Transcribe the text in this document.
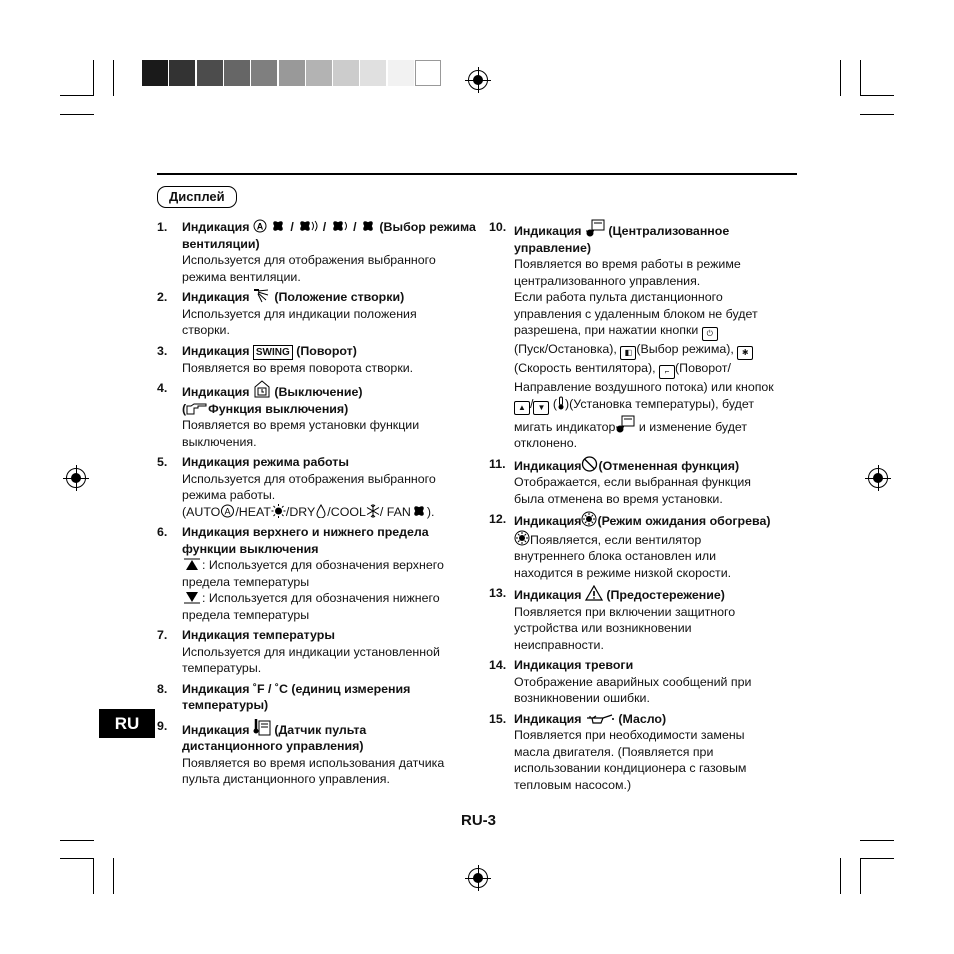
Дисплей
1. Индикация A / / / (Выбор режима вентиляции)
Используется для отображения выбранного
режима вентиляции.
2. Индикация (Положение створки)
Используется для индикации положения
створки.
3. Индикация SWING (Поворот)
Появляется во время поворота створки.
4. Индикация (Выключение)
( Функция выключения)
Появляется во время установки функции
выключения.
5. Индикация режима работы
Используется для отображения выбранного
режима работы.
(AUTO A /HEAT /DRY /COOL / FAN ).
6. Индикация верхнего и нижнего предела
функции выключения
: Используется для обозначения верхнего
предела температуры
: Используется для обозначения нижнего
предела температуры
7. Индикация температуры
Используется для индикации установленной
температуры.
8. Индикация ˚F / ˚C (единиц измерения
температуры)
9. Индикация (Датчик пульта
дистанционного управления)
Появляется во время использования датчика
пульта дистанционного управления.
10. Индикация (Централизованное
управление)
Появляется во время работы в режиме
централизованного управления.
Если работа пульта дистанционного
управления с удаленным блоком не будет
разрешена, при нажатии кнопки ⏻
(Пуск/Остановка), ◧ (Выбор режима), ✱
(Скорость вентилятора), ⌐ (Поворот/
Направление воздушного потока) или кнопок
▲ / ▼ ( )(Установка температуры), будет
мигать индикатор и изменение будет
отклонено.
11. Индикация (Отмененная функция)
Отображается, если выбранная функция
была отменена во время установки.
12. Индикация (Режим ожидания обогрева)
Появляется, если вентилятор
внутреннего блока остановлен или
находится в режиме низкой скорости.
13. Индикация (Предостережение)
Появляется при включении защитного
устройства или возникновении
неисправности.
14. Индикация тревоги
Отображение аварийных сообщений при
возникновении ошибки.
15. Индикация	(Масло)
Появляется при необходимости замены
масла двигателя. (Появляется при
использовании кондиционера с газовым
тепловым насосом.)
RU
RU-3
